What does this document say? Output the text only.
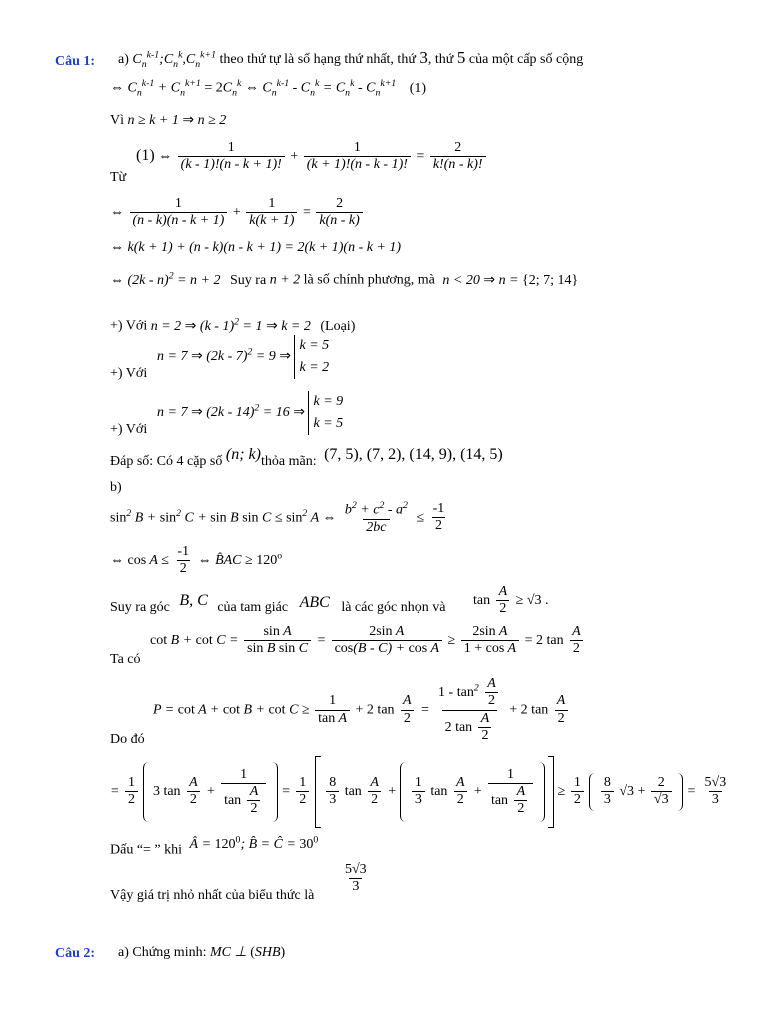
Câu 1: a) $C_n^{k-1};C_n^k,C_n^{k+1}$ theo thứ tự là số hạng thứ nhất, thứ 3, thứ 5 của một cấp số cộng
⇔ $C_n^{k-1} + C_n^{k+1} = 2C_n^k$ ⇔ $C_n^{k-1} - C_n^k = C_n^k - C_n^{k+1}$ (1)
Vì n ≥ k + 1 ⇒ n ≥ 2
Từ
(1) ⇔ $\frac{1}{(k - 1)!(n - k + 1)!} + \frac{1}{(k + 1)!(n - k - 1)!} = \frac{2}{k!(n - k)!}$
⇔ $\frac{1}{(n - k)(n - k + 1)} + \frac{1}{k(k + 1)} = \frac{2}{k(n - k)}$
⇔ k(k + 1) + (n - k)(n - k + 1) = 2(k + 1)(n - k + 1)
⇔ (2k - n)$^2$ = n + 2 Suy ra n + 2 là số chính phương, mà n < 20 ⇒ n = {2; 7; 14}
+) Với n = 2 ⇒ (k - 1)$^2$ = 1 ⇒ k = 2 (Loại)
+) Với
n = 7 ⇒ (2k - 7)$^2$ = 9 ⇒ k = 5
k = 2
+) Với
n = 7 ⇒ (2k - 14)$^2$ = 16 ⇒ k = 9
k = 5
Đáp số: Có 4 cặp số (n; k)thỏa mãn: (7, 5), (7, 2), (14, 9), (14, 5)
b)
$\sin^2 B + \sin^2 C + \sin B$ $\sin C \le \sin^2 A$ ⇔ $\frac{b^2 + c^2 - a^2}{2bc} \le \frac{-1}{2}$
⇔ $\cos A \le \frac{-1}{2}$ ⇔ B̂AC ≥ $120^o$
Suy ra góc B, C của tam giác ABC là các góc nhọn và $\tan \frac{A}{2} \ge √3$ .
Ta có
$\cot B + \cot C = \frac{\text{sin A}}{\text{sin B sin C}} = \frac{\text{2sin A}}{\text{cos(B - C) + cos A}} \ge \frac{\text{2sin A}}{\text{1 + cos A}} = 2$ $\tan \frac{A}{2}$
$P = \cot A + \cot B + \cot C \ge \frac{1}{\text{tan A}} + 2$ $\tan \frac{A}{2} = \frac{1 - \tan^2 \frac{A}{2}}{2 \tan \frac{A}{2}} + 2$ $\tan \frac{A}{2}$
Do đó
= $\frac{1}{2} 3$ $\tan \frac{A}{2} + \frac{1}{\tan \frac{A}{2}} = \frac{1}{2}$
$\frac{8}{3}$ $\tan \frac{A}{2} + \frac{1}{3}$ $\tan \frac{A}{2} + \frac{1}{\tan \frac{A}{2}} \ge \frac{1}{2}$
$\frac{8}{3} √3 + \frac{2}{√3} = \frac{5√3}{3}$
Dấu “= ” khi Â = $120^0$; B̂ = Ĉ = $30^0$
Vậy giá trị nhỏ nhất của biểu thức là $\frac{5√3}{3}$
Câu 2: a) Chứng minh: MC ⊥ (SHB)
